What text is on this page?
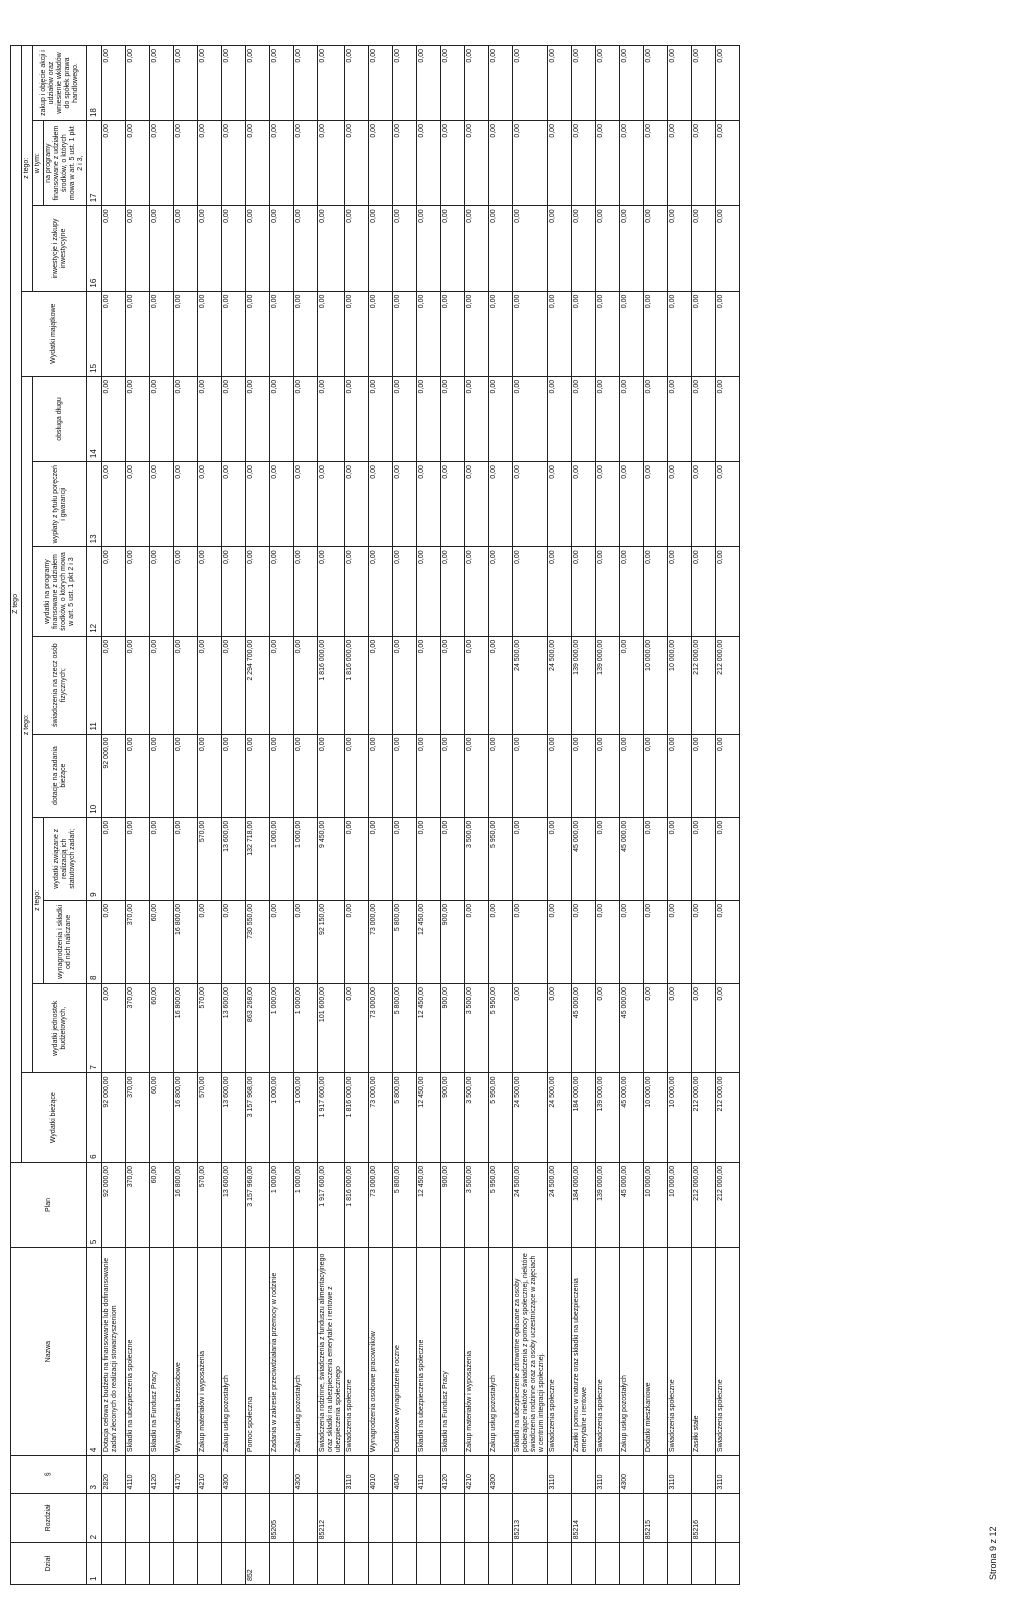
Dział	Rozdział	§	Nazwa	Plan	Z tego												
					Wydatki bieżące	z tego:								Wydatki majątkowe	z tego:		
						wydatki jednostek budżetowych,	z tego:		dotacje na zadania bieżące	świadczenia na rzecz osób fizycznych;	wydatki na programy finansowane z udziałem środków, o których mowa w art. 5 ust. 1 pkt 2 i 3	wypłaty z tytułu poręczeń i gwarancji	obsługa długu		inwestycje i zakupy inwestycyjne	w tym:	zakup i objęcie akcji i udziałów oraz wniesienie wkładów do spółek prawa handlowego.
							wynagrodzenia i składki od nich naliczane	wydatki związane z realizacją ich statutowych zadań;								na programy finansowane z udziałem środków, o których mowa w art. 5 ust. 1 pkt 2 i 3,	

1	2	3	4	5	6	7	8	9	10	11	12	13	14	15	16	17	18
		2820	Dotacja celowa z budżetu na finansowanie lub dofinansowanie zadań zleconych do realizacji stowarzyszeniom	92 000,00	92 000,00	0,00	0,00	0,00	92 000,00	0,00	0,00	0,00	0,00	0,00	0,00	0,00	0,00
		4110	Składki na ubezpieczenia społeczne	370,00	370,00	370,00	370,00	0,00	0,00	0,00	0,00	0,00	0,00	0,00	0,00	0,00	0,00
		4120	Składki na Fundusz Pracy	60,00	60,00	60,00	60,00	0,00	0,00	0,00	0,00	0,00	0,00	0,00	0,00	0,00	0,00
		4170	Wynagrodzenia bezosobowe	16 800,00	16 800,00	16 800,00	16 800,00	0,00	0,00	0,00	0,00	0,00	0,00	0,00	0,00	0,00	0,00
		4210	Zakup materiałów i wyposażenia	570,00	570,00	570,00	0,00	570,00	0,00	0,00	0,00	0,00	0,00	0,00	0,00	0,00	0,00
		4300	Zakup usług pozostałych	13 600,00	13 600,00	13 600,00	0,00	13 600,00	0,00	0,00	0,00	0,00	0,00	0,00	0,00	0,00	0,00
852			Pomoc społeczna	3 157 968,00	3 157 968,00	863 268,00	730 550,00	132 718,00	0,00	2 294 700,00	0,00	0,00	0,00	0,00	0,00	0,00	0,00
	85205		Zadania w zakresie przeciwdziałania przemocy w rodzinie	1 000,00	1 000,00	1 000,00	0,00	1 000,00	0,00	0,00	0,00	0,00	0,00	0,00	0,00	0,00	0,00
		4300	Zakup usług pozostałych	1 000,00	1 000,00	1 000,00	0,00	1 000,00	0,00	0,00	0,00	0,00	0,00	0,00	0,00	0,00	0,00
	85212		Świadczenia rodzinne, świadczenia z funduszu alimentacyjnego oraz składki na ubezpieczenia emerytalne i rentowe z ubezpieczenia społecznego	1 917 600,00	1 917 600,00	101 600,00	92 150,00	9 450,00	0,00	1 816 000,00	0,00	0,00	0,00	0,00	0,00	0,00	0,00
		3110	Świadczenia społeczne	1 816 000,00	1 816 000,00	0,00	0,00	0,00	0,00	1 816 000,00	0,00	0,00	0,00	0,00	0,00	0,00	0,00
		4010	Wynagrodzenia osobowe pracowników	73 000,00	73 000,00	73 000,00	73 000,00	0,00	0,00	0,00	0,00	0,00	0,00	0,00	0,00	0,00	0,00
		4040	Dodatkowe wynagrodzenie roczne	5 800,00	5 800,00	5 800,00	5 800,00	0,00	0,00	0,00	0,00	0,00	0,00	0,00	0,00	0,00	0,00
		4110	Składki na ubezpieczenia społeczne	12 450,00	12 450,00	12 450,00	12 450,00	0,00	0,00	0,00	0,00	0,00	0,00	0,00	0,00	0,00	0,00
		4120	Składki na Fundusz Pracy	900,00	900,00	900,00	900,00	0,00	0,00	0,00	0,00	0,00	0,00	0,00	0,00	0,00	0,00
		4210	Zakup materiałów i wyposażenia	3 500,00	3 500,00	3 500,00	0,00	3 500,00	0,00	0,00	0,00	0,00	0,00	0,00	0,00	0,00	0,00
		4300	Zakup usług pozostałych	5 950,00	5 950,00	5 950,00	0,00	5 950,00	0,00	0,00	0,00	0,00	0,00	0,00	0,00	0,00	0,00
	85213		Składki na ubezpieczenie zdrowotne opłacane za osoby pobierające niektóre świadczenia z pomocy społecznej, niektóre świadczenia rodzinne oraz za osoby uczestniczące w zajęciach w centrum integracji społecznej.	24 500,00	24 500,00	0,00	0,00	0,00	0,00	24 500,00	0,00	0,00	0,00	0,00	0,00	0,00	0,00
		3110	Świadczenia społeczne	24 500,00	24 500,00	0,00	0,00	0,00	0,00	24 500,00	0,00	0,00	0,00	0,00	0,00	0,00	0,00
	85214		Zasiłki i pomoc w naturze oraz składki na ubezpieczenia emerytalne i rentowe	184 000,00	184 000,00	45 000,00	0,00	45 000,00	0,00	139 000,00	0,00	0,00	0,00	0,00	0,00	0,00	0,00
		3110	Świadczenia społeczne	139 000,00	139 000,00	0,00	0,00	0,00	0,00	139 000,00	0,00	0,00	0,00	0,00	0,00	0,00	0,00
		4300	Zakup usług pozostałych	45 000,00	45 000,00	45 000,00	0,00	45 000,00	0,00	0,00	0,00	0,00	0,00	0,00	0,00	0,00	0,00
	85215		Dodatki mieszkaniowe	10 000,00	10 000,00	0,00	0,00	0,00	0,00	10 000,00	0,00	0,00	0,00	0,00	0,00	0,00	0,00
		3110	Świadczenia społeczne	10 000,00	10 000,00	0,00	0,00	0,00	0,00	10 000,00	0,00	0,00	0,00	0,00	0,00	0,00	0,00
	85216		Zasiłki stałe	212 000,00	212 000,00	0,00	0,00	0,00	0,00	212 000,00	0,00	0,00	0,00	0,00	0,00	0,00	0,00
		3110	Świadczenia społeczne	212 000,00	212 000,00	0,00	0,00	0,00	0,00	212 000,00	0,00	0,00	0,00	0,00	0,00	0,00	0,00
Strona 9 z 12
